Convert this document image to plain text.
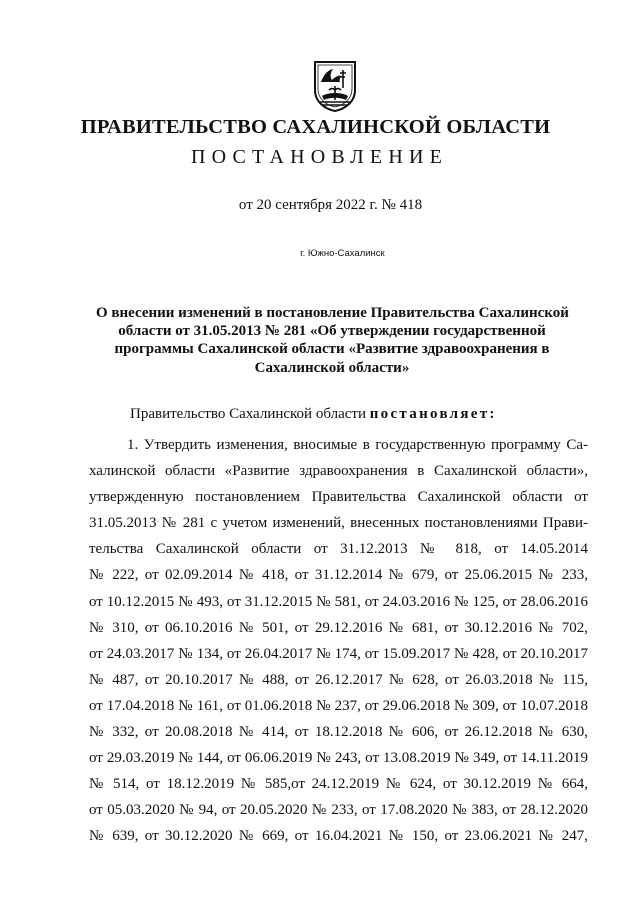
ПРАВИТЕЛЬСТВО САХАЛИНСКОЙ ОБЛАСТИ
ПОСТАНОВЛЕНИЕ
от 20 сентября 2022 г. № 418
г. Южно-Сахалинск
О внесении изменений в постановление Правительства Сахалинской
области от 31.05.2013 № 281 «Об утверждении государственной
программы Сахалинской области «Развитие здравоохранения в
Сахалинской области»
Правительство Сахалинской области постановляет:
1. Утвердить изменения, вносимые в государственную программу Са-
халинской области «Развитие здравоохранения в Сахалинской области»,
утвержденную постановлением Правительства Сахалинской области от
31.05.2013 № 281 с учетом изменений, внесенных постановлениями Прави-
тельства Сахалинской области от 31.12.2013 № 818, от 14.05.2014
№ 222, от 02.09.2014 № 418, от 31.12.2014 № 679, от 25.06.2015 № 233,
от 10.12.2015 № 493, от 31.12.2015 № 581, от 24.03.2016 № 125, от 28.06.2016
№ 310, от 06.10.2016 № 501, от 29.12.2016 № 681, от 30.12.2016 № 702,
от 24.03.2017 № 134, от 26.04.2017 № 174, от 15.09.2017 № 428, от 20.10.2017
№ 487, от 20.10.2017 № 488, от 26.12.2017 № 628, от 26.03.2018 № 115,
от 17.04.2018 № 161, от 01.06.2018 № 237, от 29.06.2018 № 309, от 10.07.2018
№ 332, от 20.08.2018 № 414, от 18.12.2018 № 606, от 26.12.2018 № 630,
от 29.03.2019 № 144, от 06.06.2019 № 243, от 13.08.2019 № 349, от 14.11.2019
№ 514, от 18.12.2019 № 585,от 24.12.2019 № 624, от 30.12.2019 № 664,
от 05.03.2020 № 94, от 20.05.2020 № 233, от 17.08.2020 № 383, от 28.12.2020
№ 639, от 30.12.2020 № 669, от 16.04.2021 № 150, от 23.06.2021 № 247,
